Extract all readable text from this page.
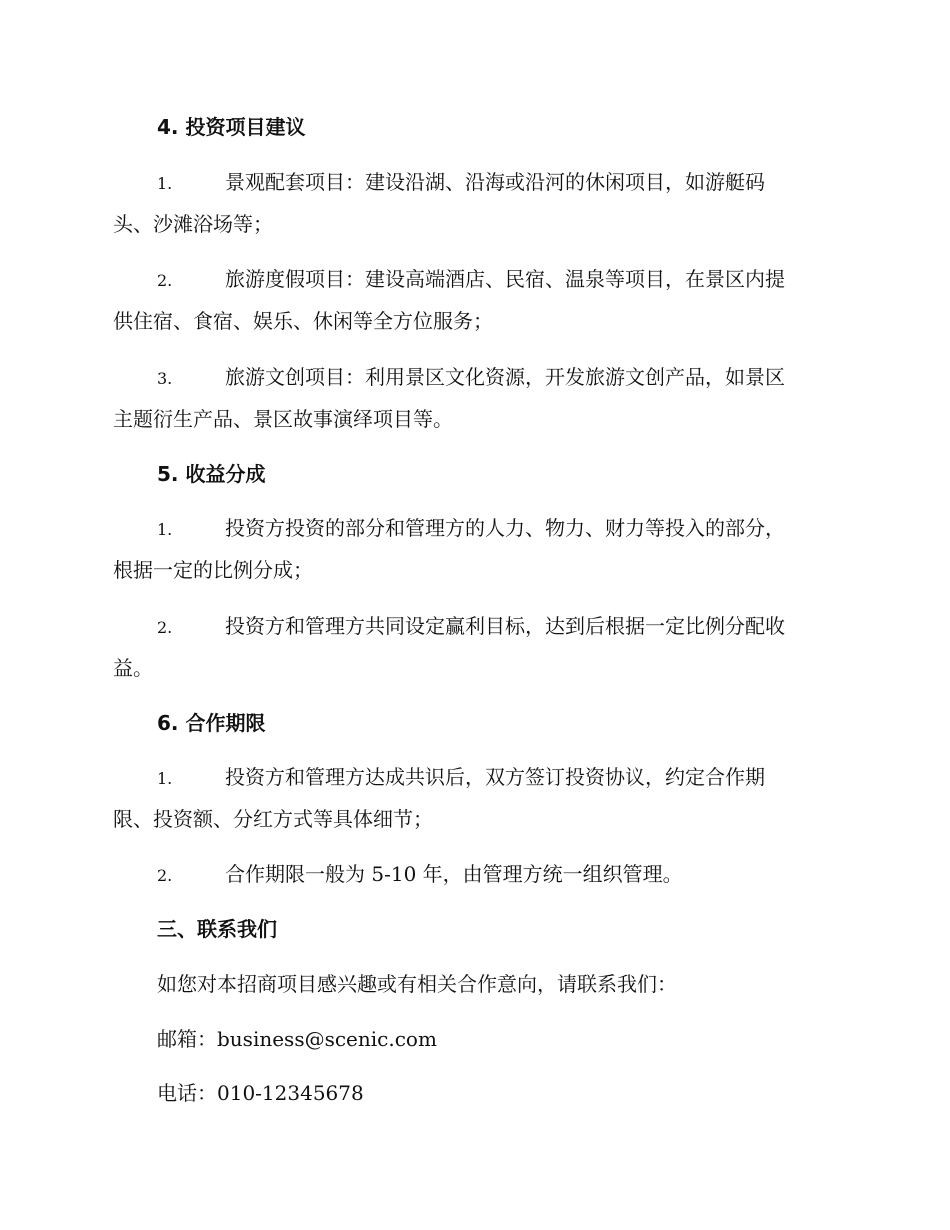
4. 投资项目建议
1.	景观配套项目：建设沿湖、沿海或沿河的休闲项目，如游艇码
头、沙滩浴场等；
2.	旅游度假项目：建设高端酒店、民宿、温泉等项目，在景区内提
供住宿、食宿、娱乐、休闲等全方位服务；
3.	旅游文创项目：利用景区文化资源，开发旅游文创产品，如景区
主题衍生产品、景区故事演绎项目等。
5. 收益分成
1.	投资方投资的部分和管理方的人力、物力、财力等投入的部分，
根据一定的比例分成；
2.	投资方和管理方共同设定赢利目标，达到后根据一定比例分配收
益。
6. 合作期限
1.	投资方和管理方达成共识后，双方签订投资协议，约定合作期
限、投资额、分红方式等具体细节；
2.	合作期限一般为 5-10 年，由管理方统一组织管理。
三、联系我们
如您对本招商项目感兴趣或有相关合作意向，请联系我们：
邮箱：business@scenic.com
电话：010-12345678
